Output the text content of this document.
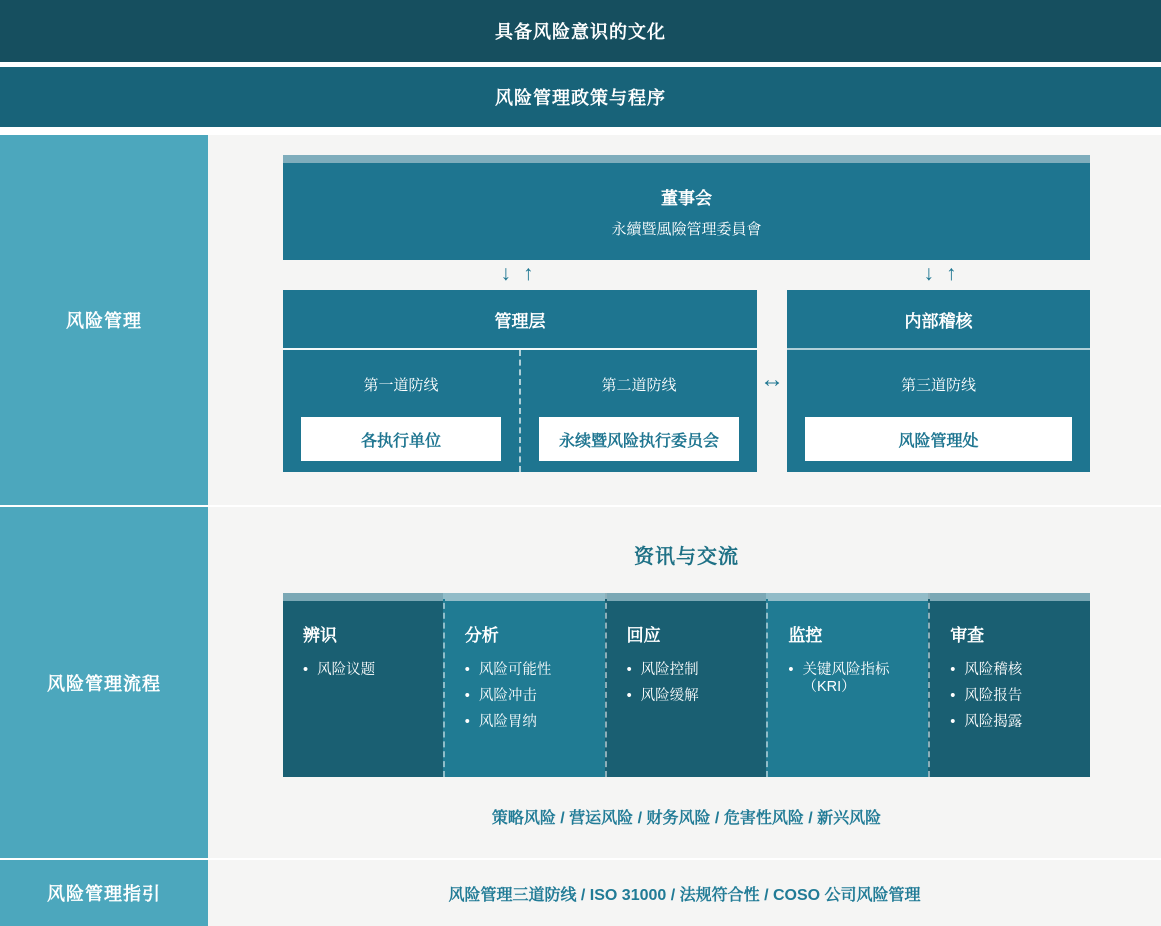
具备风险意识的文化
风险管理政策与程序
风险管理
风险管理流程
风险管理指引
董事会
永續暨風險管理委員會
↓ ↑	↓ ↑
管理层
第一道防线
各执行单位
第二道防线
永续暨风险执行委员会
↔
内部稽核
第三道防线
风险管理处
资讯与交流
辨识
• 风险议题
分析
• 风险可能性
• 风险冲击
• 风险胃纳
回应
• 风险控制
• 风险缓解
监控
• 关键风险指标（KRI）
审查
• 风险稽核
• 风险报告
• 风险揭露
策略风险 / 营运风险 / 财务风险 / 危害性风险 / 新兴风险
风险管理三道防线 / ISO 31000 / 法规符合性 / COSO 公司风险管理
